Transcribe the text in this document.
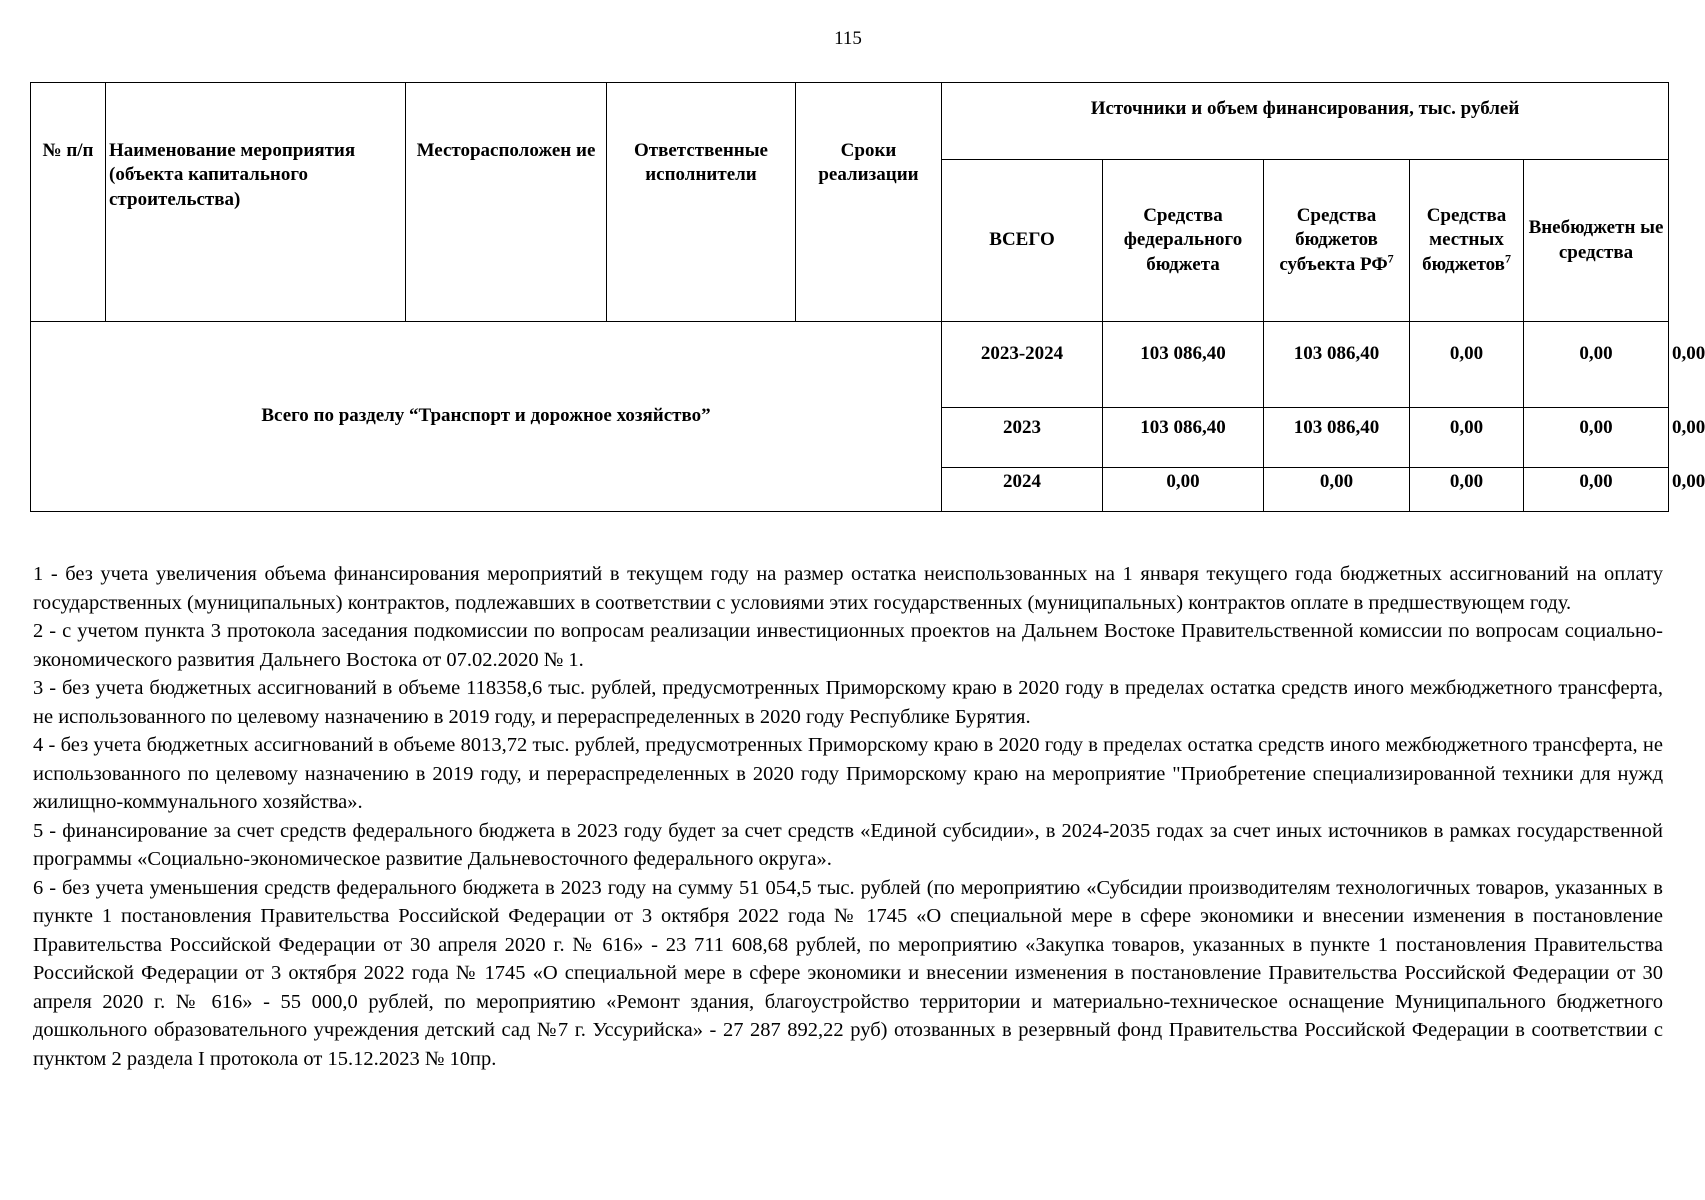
115
№ п/п	Наименование мероприятия (объекта капитального строительства)	Месторасположен ие	Ответственные исполнители	Сроки реализации	Источники и объем финансирования, тыс. рублей					
					ВСЕГО	Средства федерального бюджета	Средства бюджетов субъекта $РФ^7$	Средства местных бюджетов$^7$	Внебюджетн ые средства	
Всего по разделу “Транспорт и дорожное хозяйство”					2023-2024	103 086,40	103 086,40	0,00	0,00	0,00
					2023	103 086,40	103 086,40	0,00	0,00	0,00
					2024	0,00	0,00	0,00	0,00	0,00

1 - без учета увеличения объема финансирования мероприятий в текущем году на размер остатка неиспользованных на 1 января текущего года бюджетных ассигнований на оплату государственных (муниципальных) контрактов, подлежавших в соответствии с условиями этих государственных (муниципальных) контрактов оплате в предшествующем году.

2 - с учетом пункта 3 протокола заседания подкомиссии по вопросам реализации инвестиционных проектов на Дальнем Востоке Правительственной комиссии по вопросам социально-экономического развития Дальнего Востока от 07.02.2020 № 1.

3 - без учета бюджетных ассигнований в объеме 118358,6 тыс. рублей, предусмотренных Приморскому краю в 2020 году в пределах остатка средств иного межбюджетного трансферта, не использованного по целевому назначению в 2019 году, и перераспределенных в 2020 году Республике Бурятия.

4 - без учета бюджетных ассигнований в объеме 8013,72 тыс. рублей, предусмотренных Приморскому краю в 2020 году в пределах остатка средств иного межбюджетного трансферта, не использованного по целевому назначению в 2019 году, и перераспределенных в 2020 году Приморскому краю на мероприятие "Приобретение специализированной техники для нужд жилищно-коммунального хозяйства».

5 - финансирование за счет средств федерального бюджета в 2023 году будет за счет средств «Единой субсидии», в 2024-2035 годах за счет иных источников в рамках государственной программы «Социально-экономическое развитие Дальневосточного федерального округа».

6 - без учета уменьшения средств федерального бюджета в 2023 году на сумму 51 054,5 тыс. рублей (по мероприятию «Субсидии производителям технологичных товаров, указанных в пункте 1 постановления Правительства Российской Федерации от 3 октября 2022 года № 1745 «О специальной мере в сфере экономики и внесении изменения в постановление Правительства Российской Федерации от 30 апреля 2020 г. № 616» - 23 711 608,68 рублей, по мероприятию «Закупка товаров, указанных в пункте 1 постановления Правительства Российской Федерации от 3 октября 2022 года № 1745 «О специальной мере в сфере экономики и внесении изменения в постановление Правительства Российской Федерации от 30 апреля 2020 г. № 616» - 55 000,0 рублей, по мероприятию «Ремонт здания, благоустройство территории и материально-техническое оснащение Муниципального бюджетного дошкольного образовательного учреждения детский сад №7 г. Уссурийска» - 27 287 892,22 руб) отозванных в резервный фонд Правительства Российской Федерации в соответствии с пунктом 2 раздела I протокола от 15.12.2023 № 10пр.
